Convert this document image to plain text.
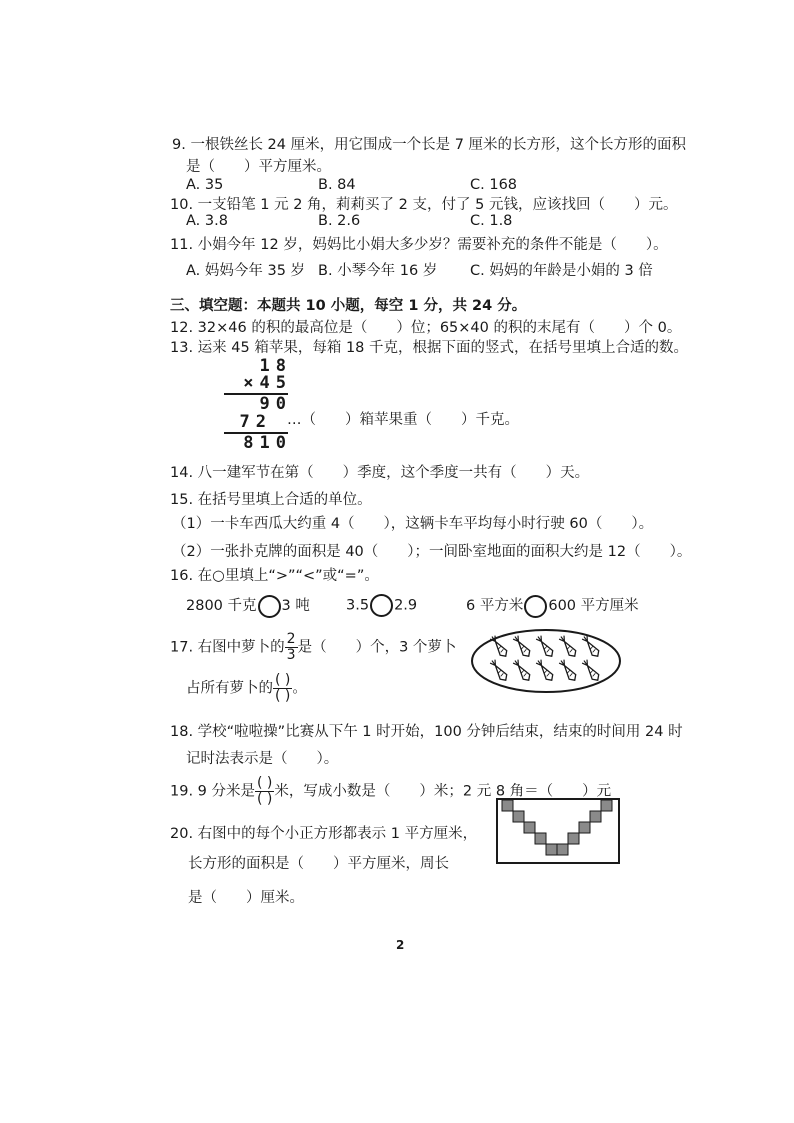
9. 一根铁丝长 24 厘米，用它围成一个长是 7 厘米的长方形，这个长方形的面积
是（　　）平方厘米。
A. 35	B. 84	C. 168
10. 一支铅笔 1 元 2 角，莉莉买了 2 支，付了 5 元钱，应该找回（　　）元。
A. 3.8	B. 2.6	C. 1.8
11. 小娟今年 12 岁，妈妈比小娟大多少岁？需要补充的条件不能是（　　）。
A. 妈妈今年 35 岁 B. 小琴今年 16 岁 C. 妈妈的年龄是小娟的 3 倍
三、填空题：本题共 10 小题，每空 1 分，共 24 分。
12. 32×46 的积的最高位是（　　）位；65×40 的积的末尾有（　　）个 0。
13. 运来 45 箱苹果，每箱 18 千克，根据下面的竖式，在括号里填上合适的数。
18
×45
90
72
810
…（　　）箱苹果重（　　）千克。
14. 八一建军节在第（　　）季度，这个季度一共有（　　）天。
15. 在括号里填上合适的单位。
（1）一卡车西瓜大约重 4（　　），这辆卡车平均每小时行驶 60（　　）。
（2）一张扑克牌的面积是 40（　　）；一间卧室地面的面积大约是 12（　　）。
16. 在○里填上“>”“<”或“=”。
2800 千克 3 吨 3.5 2.9	6 平方米 600 平方厘米
17. 右图中萝卜的 $\frac{2}{3}$ 是（　　）个，3 个萝卜
占所有萝卜的 $\frac{( )}{( )}$ 。
18. 学校“啦啦操”比赛从下午 1 时开始，100 分钟后结束，结束的时间用 24 时
记时法表示是（　　）。
19. 9 分米是 $\frac{( )}{( )}$ 米，写成小数是（　　）米；2 元 8 角＝（　　）元
20. 右图中的每个小正方形都表示 1 平方厘米，
长方形的面积是（　　）平方厘米，周长
是（　　）厘米。
2
